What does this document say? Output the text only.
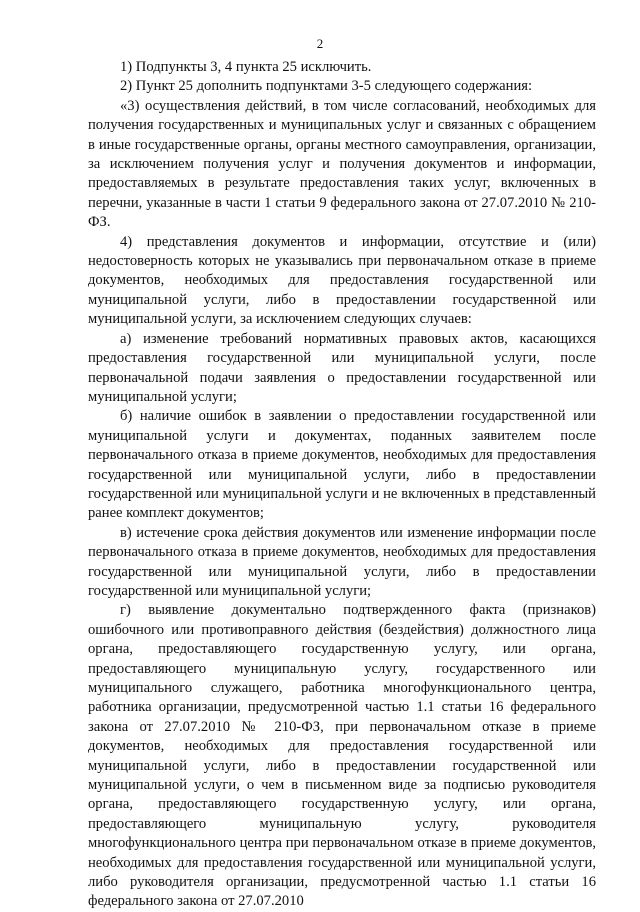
2

1) Подпункты 3, 4 пункта 25 исключить.

2) Пункт 25 дополнить подпунктами 3-5 следующего содержания:

«3) осуществления действий, в том числе согласований, необходимых для получения государственных и муниципальных услуг и связанных с обращением в иные государственные органы, органы местного самоуправления, организации, за исключением получения услуг и получения документов и информации, предоставляемых в результате предоставления таких услуг, включенных в перечни, указанные в части 1 статьи 9 федерального закона от 27.07.2010 № 210-ФЗ.

4) представления документов и информации, отсутствие и (или) недостоверность которых не указывались при первоначальном отказе в приеме документов, необходимых для предоставления государственной или муниципальной услуги, либо в предоставлении государственной или муниципальной услуги, за исключением следующих случаев:

а) изменение требований нормативных правовых актов, касающихся предоставления государственной или муниципальной услуги, после первоначальной подачи заявления о предоставлении государственной или муниципальной услуги;

б) наличие ошибок в заявлении о предоставлении государственной или муниципальной услуги и документах, поданных заявителем после первоначального отказа в приеме документов, необходимых для предоставления государственной или муниципальной услуги, либо в предоставлении государственной или муниципальной услуги и не включенных в представленный ранее комплект документов;

в) истечение срока действия документов или изменение информации после первоначального отказа в приеме документов, необходимых для предоставления государственной или муниципальной услуги, либо в предоставлении государственной или муниципальной услуги;

г) выявление документально подтвержденного факта (признаков) ошибочного или противоправного действия (бездействия) должностного лица органа, предоставляющего государственную услугу, или органа, предоставляющего муниципальную услугу, государственного или муниципального служащего, работника многофункционального центра, работника организации, предусмотренной частью 1.1 статьи 16 федерального закона от 27.07.2010 № 210-ФЗ, при первоначальном отказе в приеме документов, необходимых для предоставления государственной или муниципальной услуги, либо в предоставлении государственной или муниципальной услуги, о чем в письменном виде за подписью руководителя органа, предоставляющего государственную услугу, или органа, предоставляющего муниципальную услугу, руководителя многофункционального центра при первоначальном отказе в приеме документов, необходимых для предоставления государственной или муниципальной услуги, либо руководителя организации, предусмотренной частью 1.1 статьи 16 федерального закона от 27.07.2010
